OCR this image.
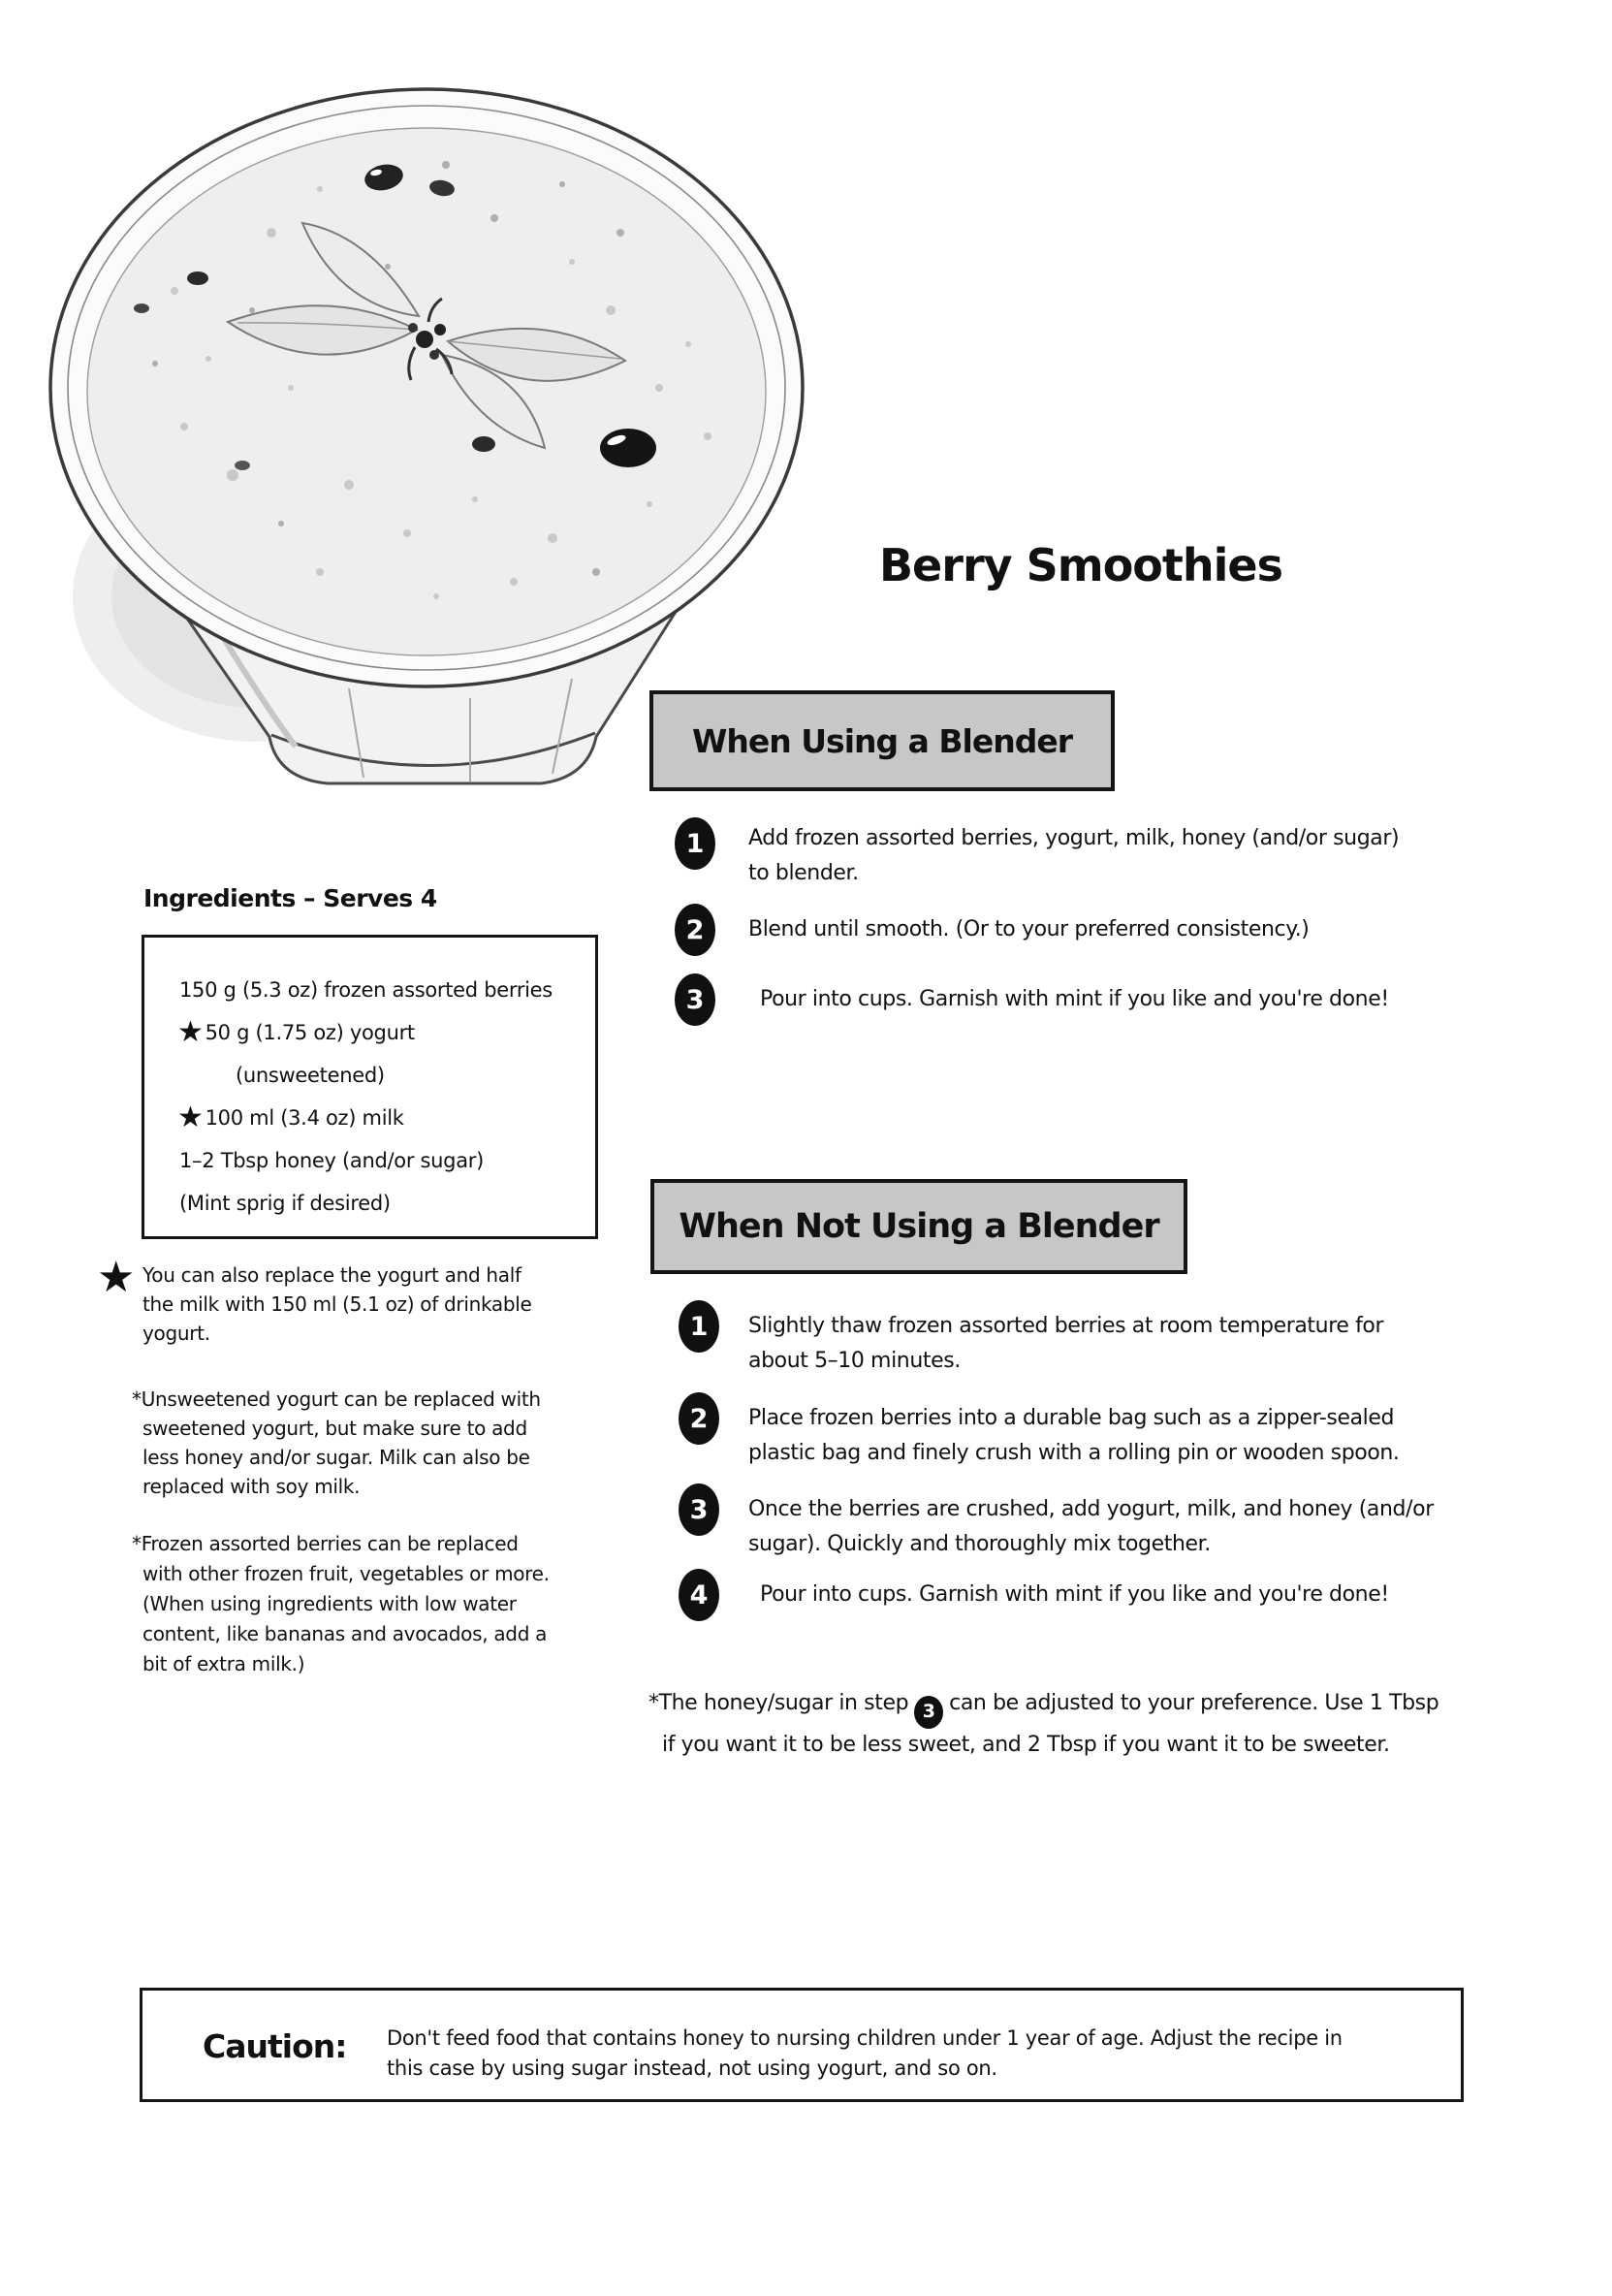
Berry Smoothies
When Using a Blender
1 Add frozen assorted berries, yogurt, milk, honey (and/or sugar)
to blender.
2 Blend until smooth. (Or to your preferred consistency.)
3	Pour into cups. Garnish with mint if you like and you're done!
Ingredients – Serves 4
150 g (5.3 oz) frozen assorted berries
★ 50 g (1.75 oz) yogurt
(unsweetened)
★ 100 ml (3.4 oz) milk
1–2 Tbsp honey (and/or sugar)
(Mint sprig if desired)
★ You can also replace the yogurt and half
the milk with 150 ml (5.1 oz) of drinkable
yogurt.
*Unsweetened yogurt can be replaced with
sweetened yogurt, but make sure to add
less honey and/or sugar. Milk can also be
replaced with soy milk.
*Frozen assorted berries can be replaced
with other frozen fruit, vegetables or more.
(When using ingredients with low water
content, like bananas and avocados, add a
bit of extra milk.)
When Not Using a Blender
1 Slightly thaw frozen assorted berries at room temperature for
about 5–10 minutes.
2 Place frozen berries into a durable bag such as a zipper-sealed
plastic bag and finely crush with a rolling pin or wooden spoon.
3 Once the berries are crushed, add yogurt, milk, and honey (and/or
sugar). Quickly and thoroughly mix together.
4 Pour into cups. Garnish with mint if you like and you're done!
*The honey/sugar in step 3 can be adjusted to your preference. Use 1 Tbsp
if you want it to be less sweet, and 2 Tbsp if you want it to be sweeter.
Caution: Don't feed food that contains honey to nursing children under 1 year of age. Adjust the recipe in
this case by using sugar instead, not using yogurt, and so on.
